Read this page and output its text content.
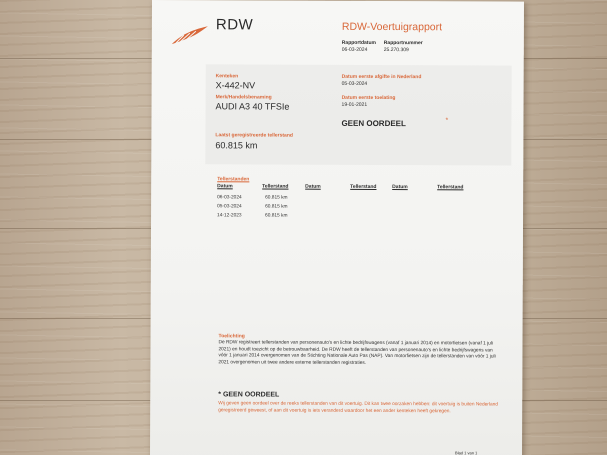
RDW	RDW-Voertuigrapport
Rapportdatum
06-03-2024
Rapportnummer
25.270.309
Kenteken
X-442-NV
Merk/Handelsbenaming
AUDI A3 40 TFSIe
Laatst geregistreerde tellerstand
60.815 km
Datum eerste afgifte in Nederland
05-03-2024
Datum eerste toelating
19-01-2021
GEEN OORDEEL	*
Tellerstanden
Datum	Tellerstand	Datum	Tellerstand	Datum	Tellerstand
06-03-2024	60.815 km
05-03-2024	60.815 km
14-12-2023	60.815 km
Toelichting
De RDW registreert tellerstanden van personenauto's en lichte bedrijfswagens (vanaf 1 januari 2014) en motorfietsen (vanaf 1 juli 2021) en houdt toezicht op de betrouwbaarheid. De RDW heeft de tellerstanden van personenauto's en lichte bedrijfswagens van vóór 1 januari 2014 overgenomen van de Stichting Nationale Auto Pas (NAP). Van motorfietsen zijn de tellerstanden van vóór 1 juli 2021 overgenomen uit twee andere externe tellerstanden registraties.
* GEEN OORDEEL
Wij geven geen oordeel over de reeks tellerstanden van dit voertuig. Dit kan twee oorzaken hebben: dit voertuig is buiten Nederland geregistreerd geweest, of aan dit voertuig is iets veranderd waardoor het een ander kenteken heeft gekregen.
Blad 1 van 1
